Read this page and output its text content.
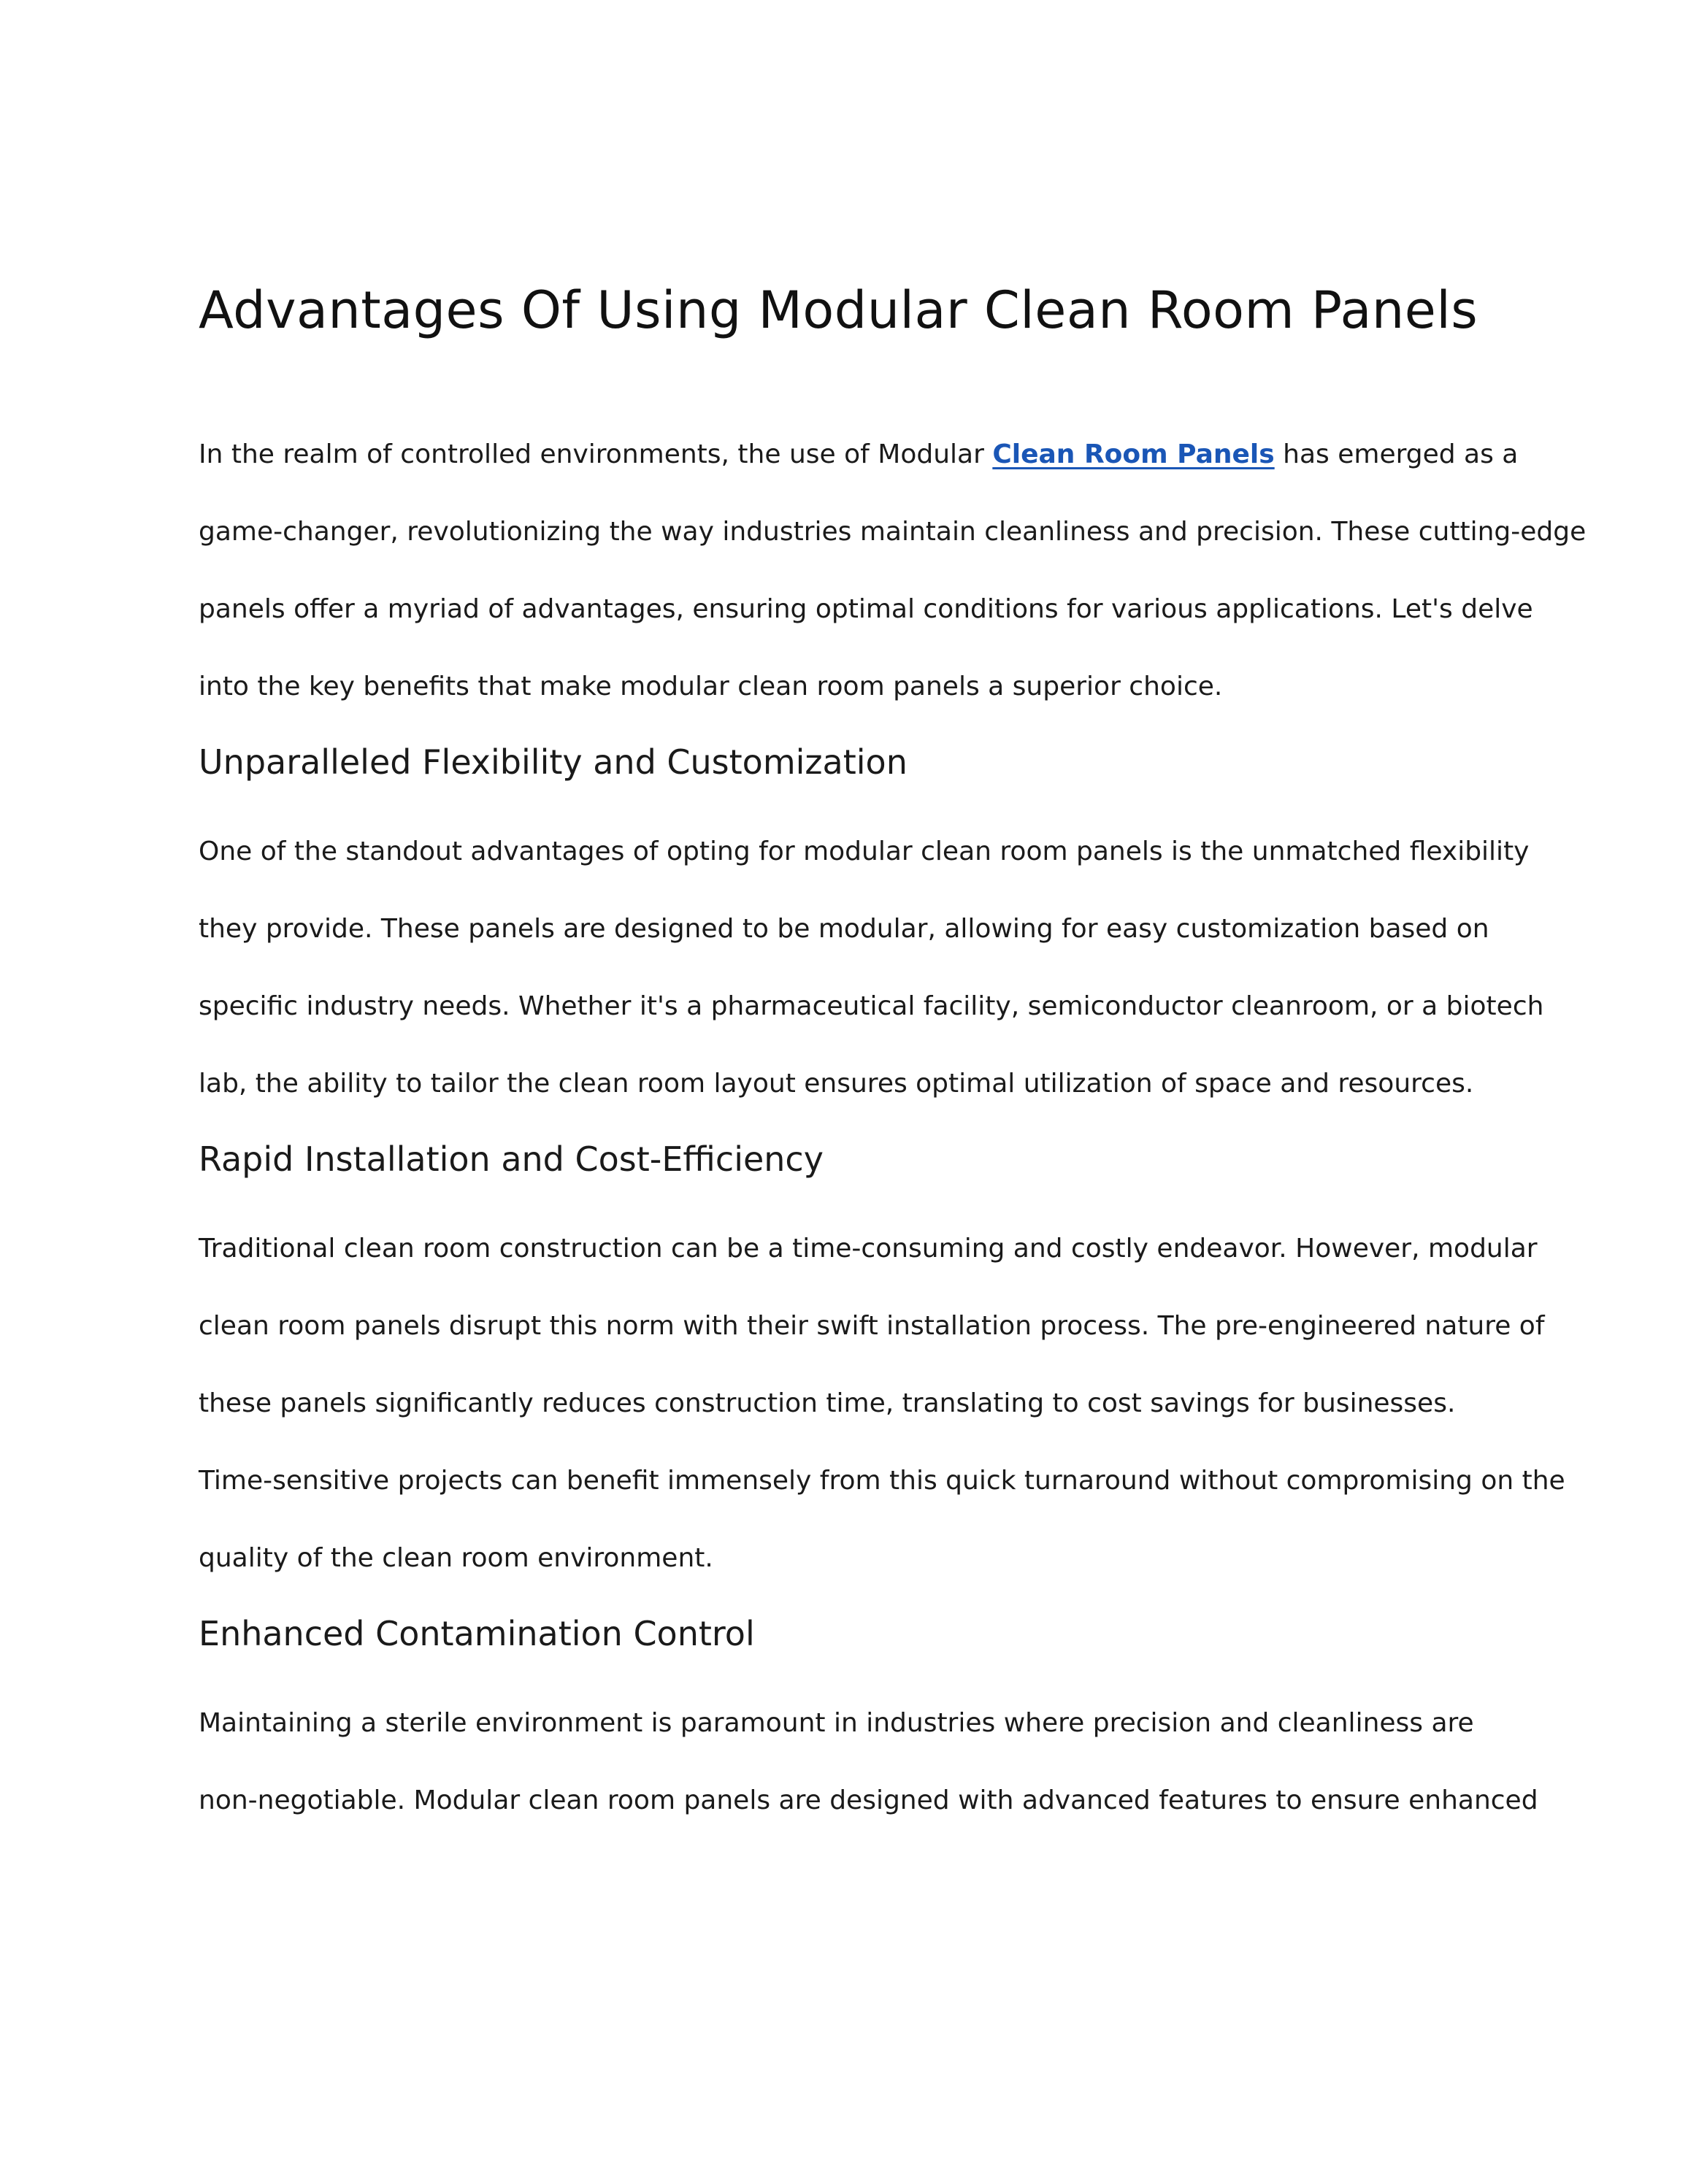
Advantages Of Using Modular Clean Room Panels

In the realm of controlled environments, the use of Modular Clean Room Panels has emerged as a
game-changer, revolutionizing the way industries maintain cleanliness and precision. These cutting-edge
panels offer a myriad of advantages, ensuring optimal conditions for various applications. Let's delve
into the key benefits that make modular clean room panels a superior choice.

Unparalleled Flexibility and Customization

One of the standout advantages of opting for modular clean room panels is the unmatched flexibility
they provide. These panels are designed to be modular, allowing for easy customization based on
specific industry needs. Whether it's a pharmaceutical facility, semiconductor cleanroom, or a biotech
lab, the ability to tailor the clean room layout ensures optimal utilization of space and resources.

Rapid Installation and Cost-Efficiency

Traditional clean room construction can be a time-consuming and costly endeavor. However, modular
clean room panels disrupt this norm with their swift installation process. The pre-engineered nature of
these panels significantly reduces construction time, translating to cost savings for businesses.
Time-sensitive projects can benefit immensely from this quick turnaround without compromising on the
quality of the clean room environment.

Enhanced Contamination Control

Maintaining a sterile environment is paramount in industries where precision and cleanliness are
non-negotiable. Modular clean room panels are designed with advanced features to ensure enhanced
